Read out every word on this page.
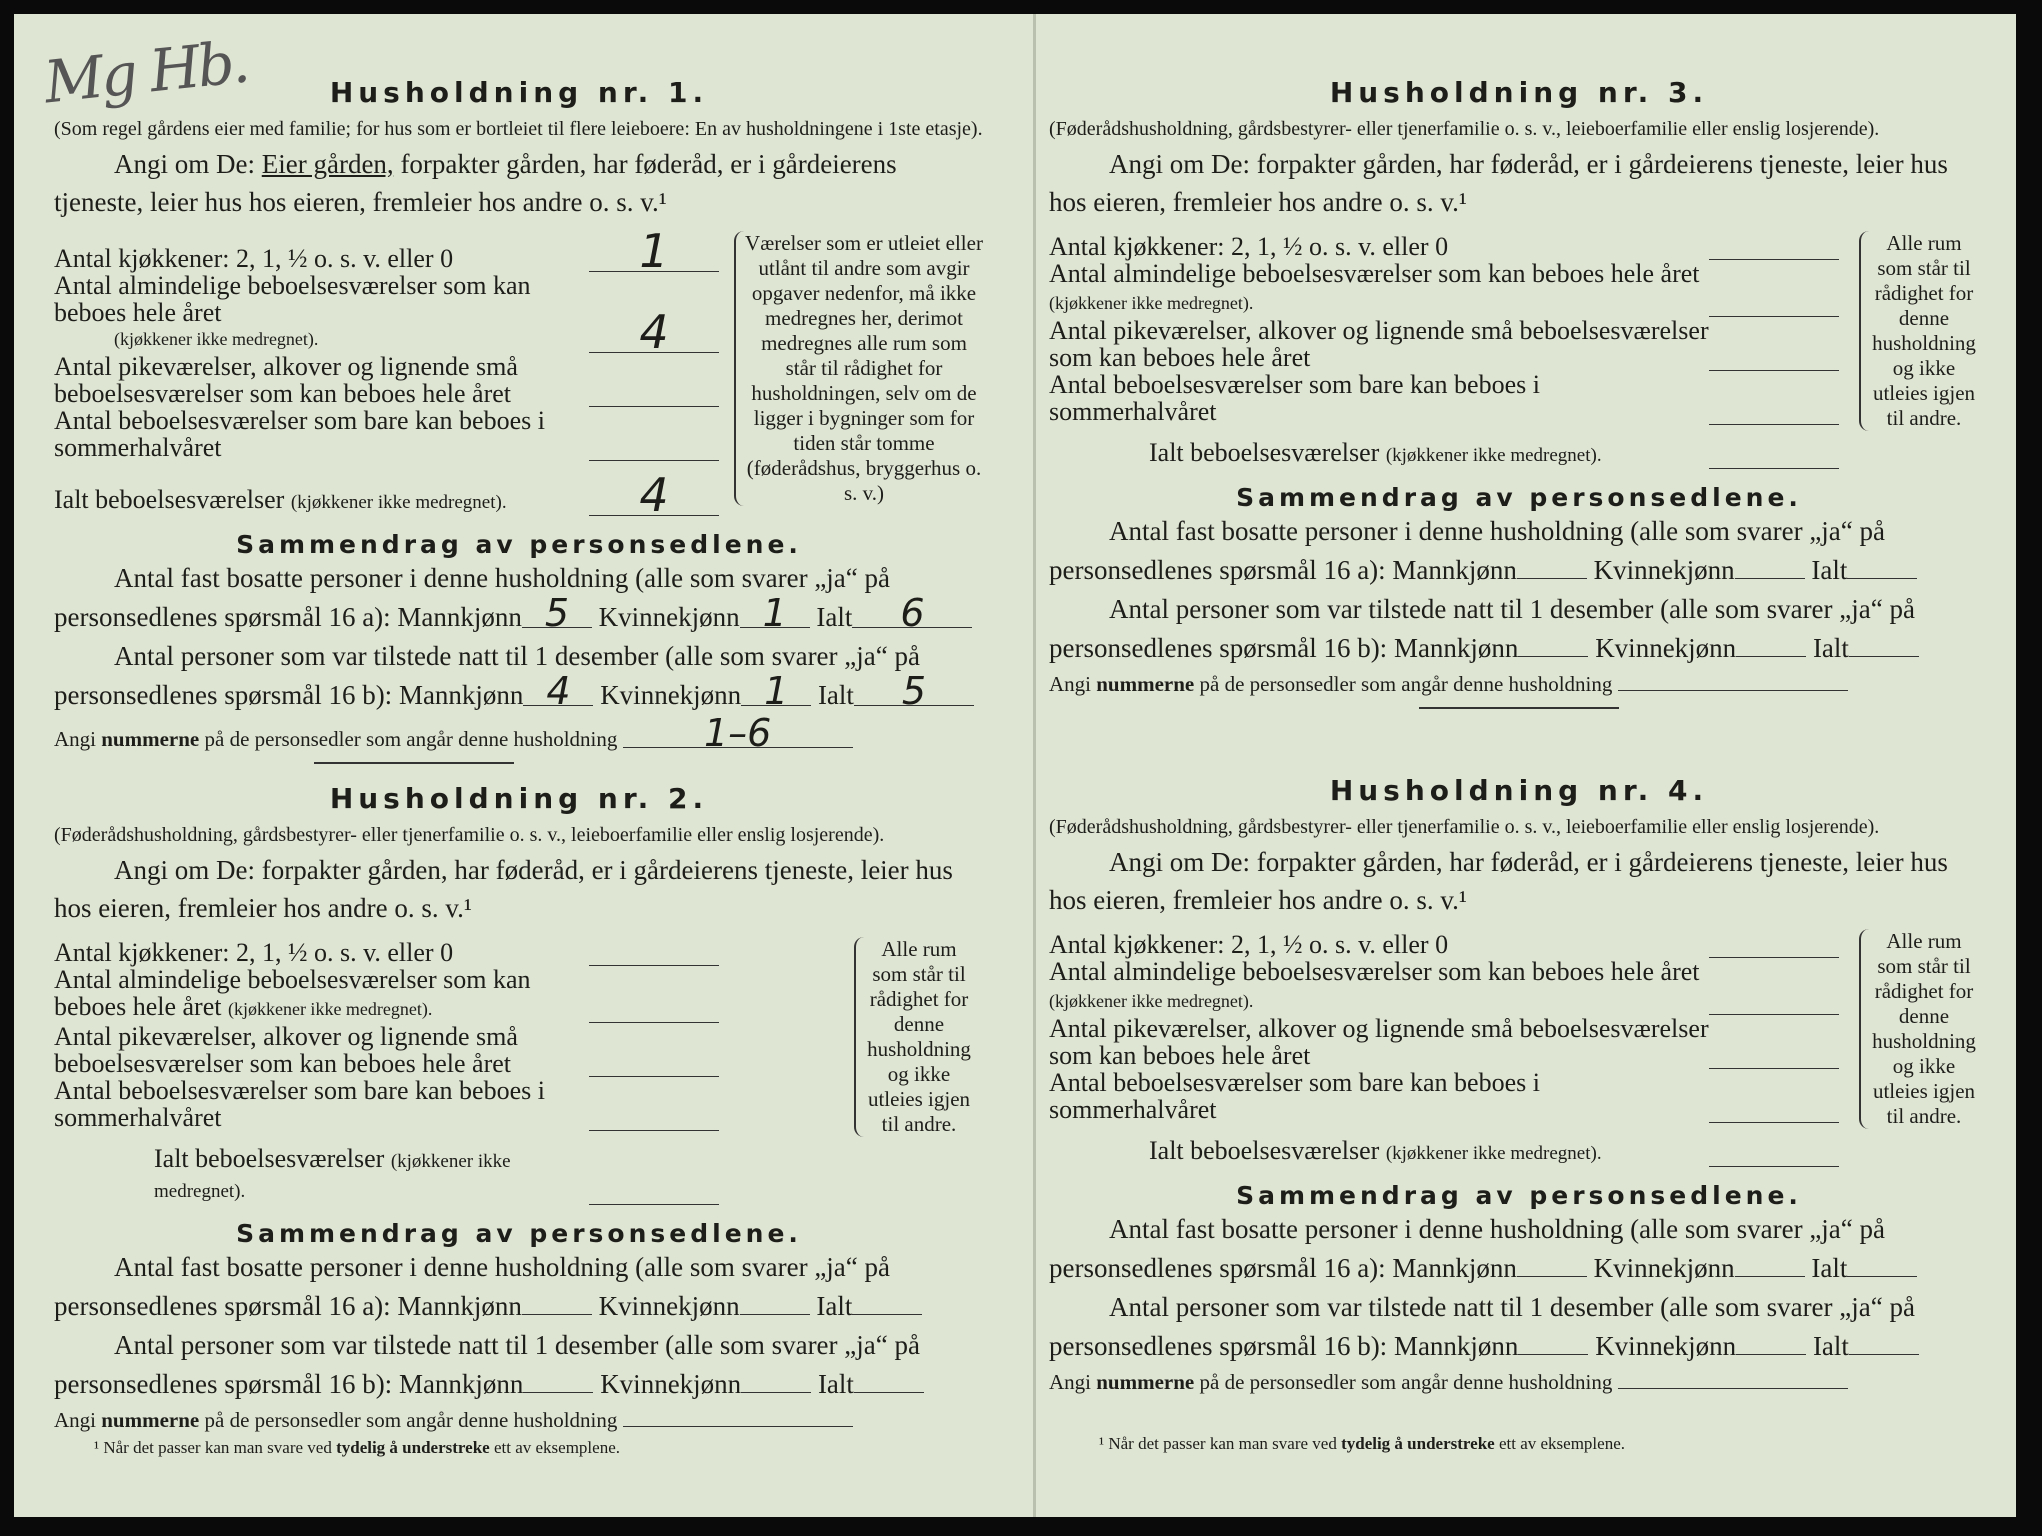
Mg Hb.	Husholdning nr. 1.

(Som regel gårdens eier med familie; for hus som er bortleiet til flere leieboere: En av husholdningene i 1ste etasje).

Angi om De: Eier gården, forpakter gården, har føderåd, er i gårdeierens tjeneste, leier hus hos eieren, fremleier hos andre o. s. v.¹

Antal kjøkkener: 2, 1, ½ o. s. v. eller 0	1
Antal almindelige beboelsesværelser som kan beboes hele året
(kjøkkener ikke medregnet).	4
Antal pikeværelser, alkover og lignende små beboelsesværelser som kan beboes hele året
Antal beboelsesværelser som bare kan beboes i sommerhalvåret
Ialt beboelsesværelser (kjøkkener ikke medregnet).	4
Værelser som er utleiet eller utlånt til andre som avgir opgaver nedenfor, må ikke medregnes her, derimot medregnes alle rum som står til rådighet for husholdningen, selv om de ligger i bygninger som for tiden står tomme (føderådshus, bryggerhus o. s. v.)
Sammendrag av personsedlene.
Antal fast bosatte personer i denne husholdning (alle som svarer „ja“ på
personsedlenes spørsmål 16 a): Mannkjønn 5 Kvinnekjønn 1 Ialt 6
Antal personer som var tilstede natt til 1 desember (alle som svarer „ja“ på
personsedlenes spørsmål 16 b): Mannkjønn 4 Kvinnekjønn 1 Ialt 5
Angi nummerne på de personsedler som angår denne husholdning 1–6
Husholdning nr. 2.

(Føderådshusholdning, gårdsbestyrer- eller tjenerfamilie o. s. v., leieboerfamilie eller enslig losjerende).

Angi om De: forpakter gården, har føderåd, er i gårdeierens tjeneste, leier hus hos eieren, fremleier hos andre o. s. v.¹

Antal kjøkkener: 2, 1, ½ o. s. v. eller 0
Antal almindelige beboelsesværelser som kan beboes hele året (kjøkkener ikke medregnet).
Antal pikeværelser, alkover og lignende små beboelsesværelser som kan beboes hele året
Antal beboelsesværelser som bare kan beboes i sommerhalvåret
Ialt beboelsesværelser (kjøkkener ikke medregnet).
Alle rum som står til rådighet for denne husholdning og ikke utleies igjen til andre.
Sammendrag av personsedlene.
Antal fast bosatte personer i denne husholdning (alle som svarer „ja“ på
personsedlenes spørsmål 16 a): Mannkjønn	Kvinnekjønn	Ialt
Antal personer som var tilstede natt til 1 desember (alle som svarer „ja“ på
personsedlenes spørsmål 16 b): Mannkjønn	Kvinnekjønn	Ialt
Angi nummerne på de personsedler som angår denne husholdning
¹ Når det passer kan man svare ved tydelig å understreke ett av eksemplene.
Husholdning nr. 3.

(Føderådshusholdning, gårdsbestyrer- eller tjenerfamilie o. s. v., leieboerfamilie eller enslig losjerende).

Angi om De: forpakter gården, har føderåd, er i gårdeierens tjeneste, leier hus hos eieren, fremleier hos andre o. s. v.¹

Antal kjøkkener: 2, 1, ½ o. s. v. eller 0
Antal almindelige beboelsesværelser som kan beboes hele året (kjøkkener ikke medregnet).
Antal pikeværelser, alkover og lignende små beboelsesværelser som kan beboes hele året
Antal beboelsesværelser som bare kan beboes i sommerhalvåret
Ialt beboelsesværelser (kjøkkener ikke medregnet).
Alle rum som står til rådighet for denne husholdning og ikke utleies igjen til andre.
Sammendrag av personsedlene.
Antal fast bosatte personer i denne husholdning (alle som svarer „ja“ på
personsedlenes spørsmål 16 a): Mannkjønn	Kvinnekjønn	Ialt
Antal personer som var tilstede natt til 1 desember (alle som svarer „ja“ på
personsedlenes spørsmål 16 b): Mannkjønn	Kvinnekjønn	Ialt
Angi nummerne på de personsedler som angår denne husholdning
Husholdning nr. 4.

(Føderådshusholdning, gårdsbestyrer- eller tjenerfamilie o. s. v., leieboerfamilie eller enslig losjerende).

Angi om De: forpakter gården, har føderåd, er i gårdeierens tjeneste, leier hus hos eieren, fremleier hos andre o. s. v.¹

Antal kjøkkener: 2, 1, ½ o. s. v. eller 0
Antal almindelige beboelsesværelser som kan beboes hele året (kjøkkener ikke medregnet).
Antal pikeværelser, alkover og lignende små beboelsesværelser som kan beboes hele året
Antal beboelsesværelser som bare kan beboes i sommerhalvåret
Ialt beboelsesværelser (kjøkkener ikke medregnet).
Alle rum som står til rådighet for denne husholdning og ikke utleies igjen til andre.
Sammendrag av personsedlene.
Antal fast bosatte personer i denne husholdning (alle som svarer „ja“ på
personsedlenes spørsmål 16 a): Mannkjønn	Kvinnekjønn	Ialt
Antal personer som var tilstede natt til 1 desember (alle som svarer „ja“ på
personsedlenes spørsmål 16 b): Mannkjønn	Kvinnekjønn	Ialt
Angi nummerne på de personsedler som angår denne husholdning
¹ Når det passer kan man svare ved tydelig å understreke ett av eksemplene.
